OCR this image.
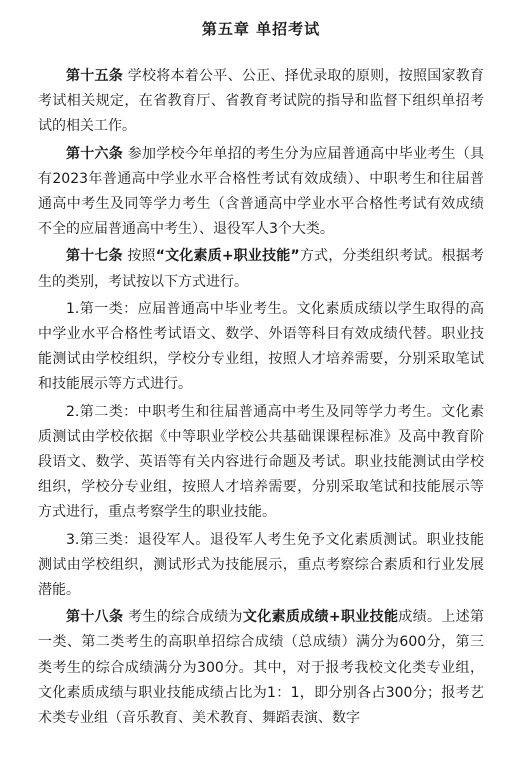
第五章 单招考试

第十五条 学校将本着公平、公正、择优录取的原则，按照国家教育考试相关规定，在省教育厅、省教育考试院的指导和监督下组织单招考试的相关工作。

第十六条 参加学校今年单招的考生分为应届普通高中毕业考生（具有2023年普通高中学业水平合格性考试有效成绩）、中职考生和往届普通高中考生及同等学力考生（含普通高中学业水平合格性考试有效成绩不全的应届普通高中考生）、退役军人3个大类。

第十七条 按照“文化素质+职业技能”方式，分类组织考试。根据考生的类别，考试按以下方式进行。

1.第一类：应届普通高中毕业考生。文化素质成绩以学生取得的高中学业水平合格性考试语文、数学、外语等科目有效成绩代替。职业技能测试由学校组织，学校分专业组，按照人才培养需要，分别采取笔试和技能展示等方式进行。

2.第二类：中职考生和往届普通高中考生及同等学力考生。文化素质测试由学校依据《中等职业学校公共基础课课程标准》及高中教育阶段语文、数学、英语等有关内容进行命题及考试。职业技能测试由学校组织，学校分专业组，按照人才培养需要，分别采取笔试和技能展示等方式进行，重点考察学生的职业技能。

3.第三类：退役军人。退役军人考生免予文化素质测试。职业技能测试由学校组织，测试形式为技能展示，重点考察综合素质和行业发展潜能。

第十八条 考生的综合成绩为文化素质成绩+职业技能成绩。上述第一类、第二类考生的高职单招综合成绩（总成绩）满分为600分，第三类考生的综合成绩满分为300分。其中，对于报考我校文化类专业组，文化素质成绩与职业技能成绩占比为1：1，即分别各占300分；报考艺术类专业组（音乐教育、美术教育、舞蹈表演、数字
